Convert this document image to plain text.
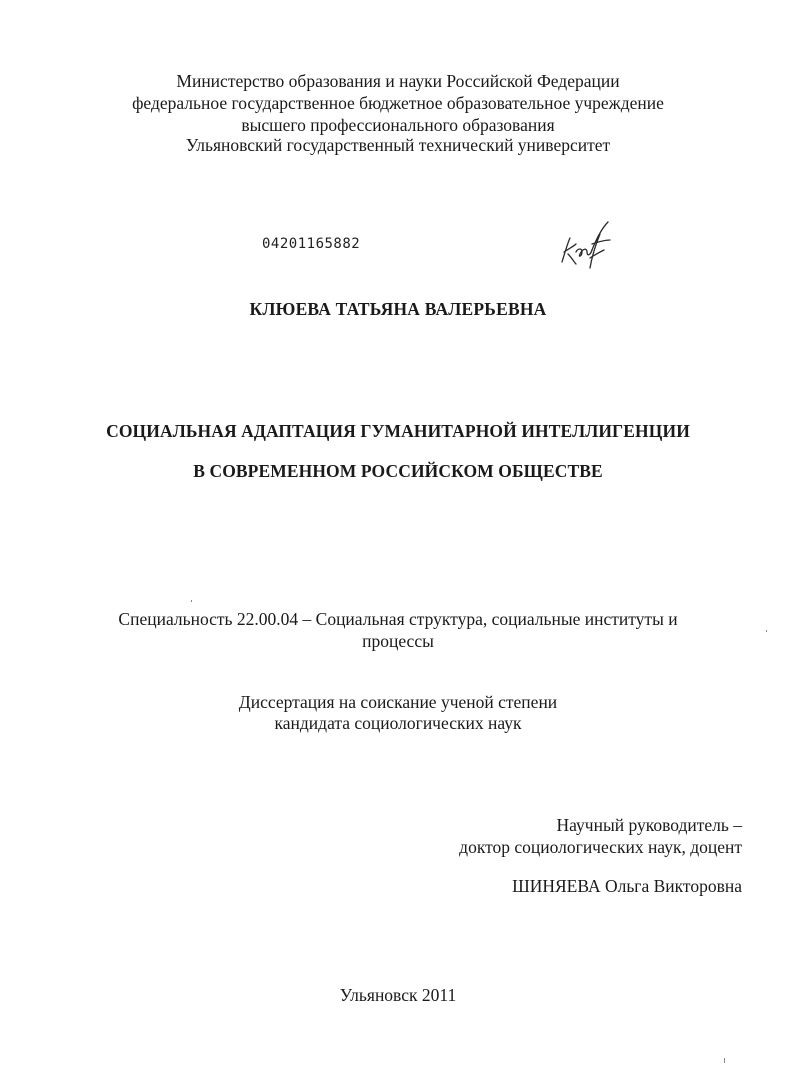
Министерство образования и науки Российской Федерации
федеральное государственное бюджетное образовательное учреждение
высшего профессионального образования
Ульяновский государственный технический университет
04201165882
КЛЮЕВА ТАТЬЯНА ВАЛЕРЬЕВНА
СОЦИАЛЬНАЯ АДАПТАЦИЯ ГУМАНИТАРНОЙ ИНТЕЛЛИГЕНЦИИ
В СОВРЕМЕННОМ РОССИЙСКОМ ОБЩЕСТВЕ
Специальность 22.00.04 – Социальная структура, социальные институты и
процессы
Диссертация на соискание ученой степени
кандидата социологических наук
Научный руководитель –
доктор социологических наук, доцент
ШИНЯЕВА Ольга Викторовна
Ульяновск 2011
